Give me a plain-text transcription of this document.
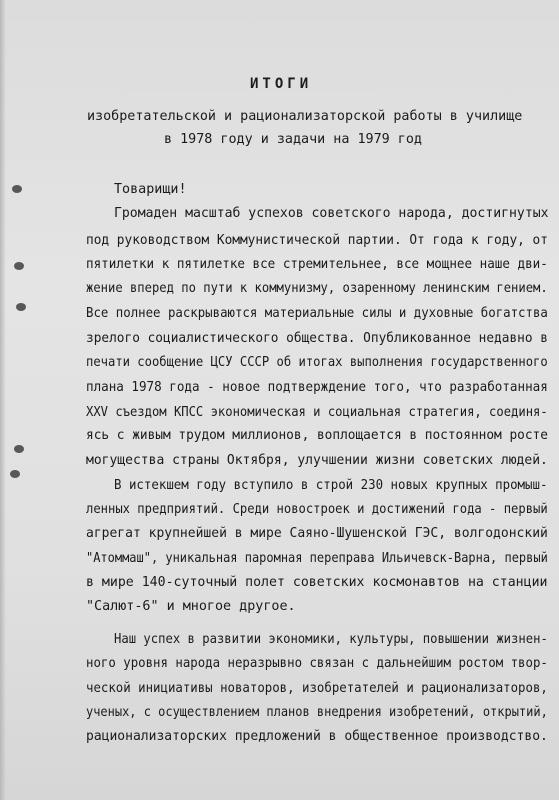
ИТОГИ
изобретательской и рационализаторской работы в училище
в 1978 году и задачи на 1979 год
Товарищи!
Громаден масштаб успехов советского народа, достигнутых
под руководством Коммунистической партии. От года к году, от
пятилетки к пятилетке все стремительнее, все мощнее наше дви-
жение вперед по пути к коммунизму, озаренному ленинским гением.
Все полнее раскрываются материальные силы и духовные богатства
зрелого социалистического общества. Опубликованное недавно в
печати сообщение ЦСУ СССР об итогах выполнения государственного
плана 1978 года - новое подтверждение того, что разработанная
XXV съездом КПСС экономическая и социальная стратегия, соединя-
ясь с живым трудом миллионов, воплощается в постоянном росте
могущества страны Октября, улучшении жизни советских людей.
В истекшем году вступило в строй 230 новых крупных промыш-
ленных предприятий. Среди новостроек и достижений года - первый
агрегат крупнейшей в мире Саяно-Шушенской ГЭС, волгодонский
"Атоммаш", уникальная паромная переправа Ильичевск-Варна, первый
в мире 140-суточный полет советских космонавтов на станции
"Салют-6" и многое другое.
Наш успех в развитии экономики, культуры, повышении жизнен-
ного уровня народа неразрывно связан с дальнейшим ростом твор-
ческой инициативы новаторов, изобретателей и рационализаторов,
ученых, с осуществлением планов внедрения изобретений, открытий,
рационализаторских предложений в общественное производство.
